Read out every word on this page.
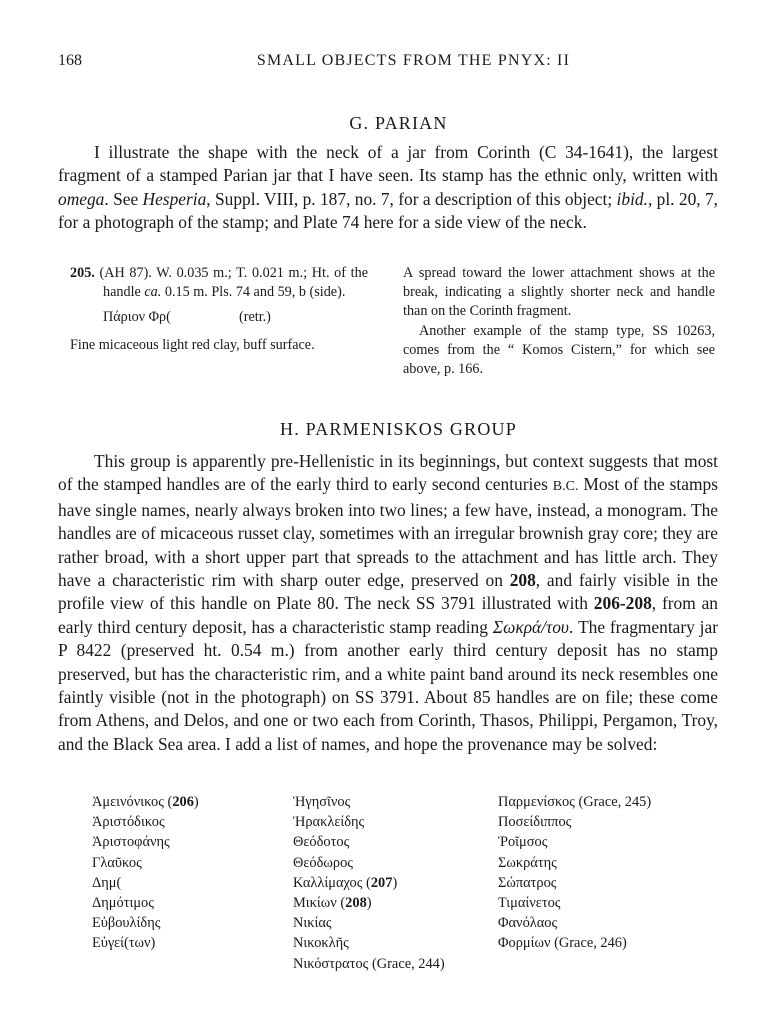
168	SMALL OBJECTS FROM THE PNYX: II
G. PARIAN
I illustrate the shape with the neck of a jar from Corinth (C 34-1641), the largest fragment of a stamped Parian jar that I have seen. Its stamp has the ethnic only, written with omega. See Hesperia, Suppl. VIII, p. 187, no. 7, for a description of this object; ibid., pl. 20, 7, for a photograph of the stamp; and Plate 74 here for a side view of the neck.
205. (AH 87). W. 0.035 m.; T. 0.021 m.; Ht. of the handle ca. 0.15 m. Pls. 74 and 59, b (side).
Πάριον Φρ(	(retr.)
Fine micaceous light red clay, buff surface.
A spread toward the lower attachment shows at the break, indicating a slightly shorter neck and handle than on the Corinth fragment.
Another example of the stamp type, SS 10263, comes from the “ Komos Cistern,” for which see above, p. 166.
H. PARMENISKOS GROUP
This group is apparently pre-Hellenistic in its beginnings, but context suggests that most of the stamped handles are of the early third to early second centuries B.C. Most of the stamps have single names, nearly always broken into two lines; a few have, instead, a monogram. The handles are of micaceous russet clay, sometimes with an irregular brownish gray core; they are rather broad, with a short upper part that spreads to the attachment and has little arch. They have a characteristic rim with sharp outer edge, preserved on 208, and fairly visible in the profile view of this handle on Plate 80. The neck SS 3791 illustrated with 206-208, from an early third century deposit, has a characteristic stamp reading Σωκρά/του. The fragmentary jar P 8422 (preserved ht. 0.54 m.) from another early third century deposit has no stamp preserved, but has the characteristic rim, and a white paint band around its neck resembles one faintly visible (not in the photograph) on SS 3791. About 85 handles are on file; these come from Athens, and Delos, and one or two each from Corinth, Thasos, Philippi, Pergamon, Troy, and the Black Sea area. I add a list of names, and hope the provenance may be solved:
Ἀμεινόνικος (206)
Ἀριστόδικος
Ἀριστοφάνης
Γλαῦκος
Δημ(
Δημότιμος
Εὐβουλίδης
Εὐγεί(των)
Ἡγησῖνος
Ἡρακλείδης
Θεόδοτος
Θεόδωρος
Καλλίμαχος (207)
Μικίων (208)
Νικίας
Νικοκλῆς
Νικόστρατος (Grace, 244)
Παρμενίσκος (Grace, 245)
Ποσείδιππος
Ῥοῖμσος
Σωκράτης
Σώπατρος
Τιμαίνετος
Φανόλαος
Φορμίων (Grace, 246)
